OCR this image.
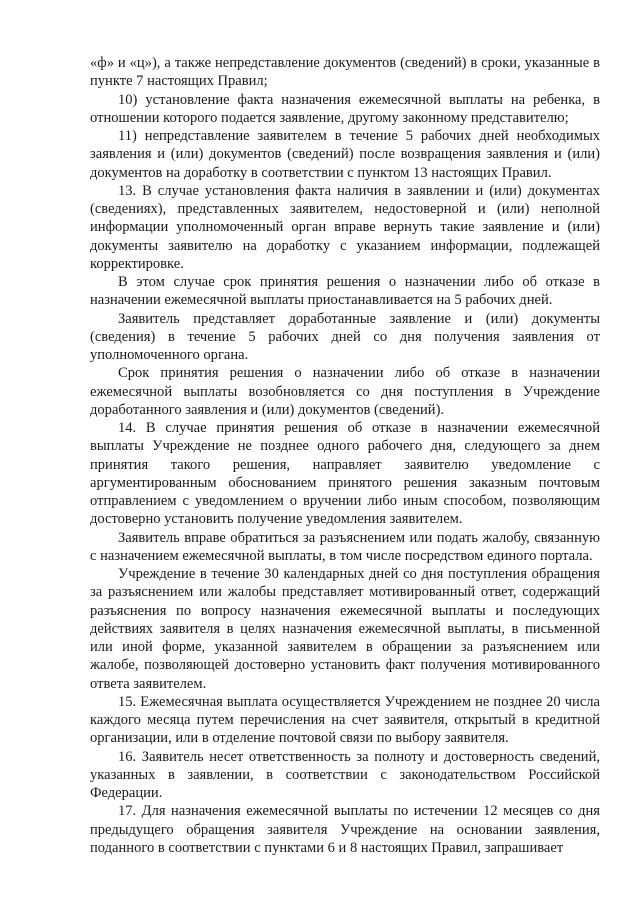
«ф» и «ц»), а также непредставление документов (сведений) в сроки, указанные в пункте 7 настоящих Правил;

10) установление факта назначения ежемесячной выплаты на ребенка, в отношении которого подается заявление, другому законному представителю;

11) непредставление заявителем в течение 5 рабочих дней необходимых заявления и (или) документов (сведений) после возвращения заявления и (или) документов на доработку в соответствии с пунктом 13 настоящих Правил.

13. В случае установления факта наличия в заявлении и (или) документах (сведениях), представленных заявителем, недостоверной и (или) неполной информации уполномоченный орган вправе вернуть такие заявление и (или) документы заявителю на доработку с указанием информации, подлежащей корректировке.

В этом случае срок принятия решения о назначении либо об отказе в назначении ежемесячной выплаты приостанавливается на 5 рабочих дней.

Заявитель представляет доработанные заявление и (или) документы (сведения) в течение 5 рабочих дней со дня получения заявления от уполномоченного органа.

Срок принятия решения о назначении либо об отказе в назначении ежемесячной выплаты возобновляется со дня поступления в Учреждение доработанного заявления и (или) документов (сведений).

14. В случае принятия решения об отказе в назначении ежемесячной выплаты Учреждение не позднее одного рабочего дня, следующего за днем принятия такого решения, направляет заявителю уведомление с аргументированным обоснованием принятого решения заказным почтовым отправлением с уведомлением о вручении либо иным способом, позволяющим достоверно установить получение уведомления заявителем.

Заявитель вправе обратиться за разъяснением или подать жалобу, связанную с назначением ежемесячной выплаты, в том числе посредством единого портала.

Учреждение в течение 30 календарных дней со дня поступления обращения за разъяснением или жалобы представляет мотивированный ответ, содержащий разъяснения по вопросу назначения ежемесячной выплаты и последующих действиях заявителя в целях назначения ежемесячной выплаты, в письменной или иной форме, указанной заявителем в обращении за разъяснением или жалобе, позволяющей достоверно установить факт получения мотивированного ответа заявителем.

15. Ежемесячная выплата осуществляется Учреждением не позднее 20 числа каждого месяца путем перечисления на счет заявителя, открытый в кредитной организации, или в отделение почтовой связи по выбору заявителя.

16. Заявитель несет ответственность за полноту и достоверность сведений, указанных в заявлении, в соответствии с законодательством Российской Федерации.

17. Для назначения ежемесячной выплаты по истечении 12 месяцев со дня предыдущего обращения заявителя Учреждение на основании заявления, поданного в соответствии с пунктами 6 и 8 настоящих Правил, запрашивает
